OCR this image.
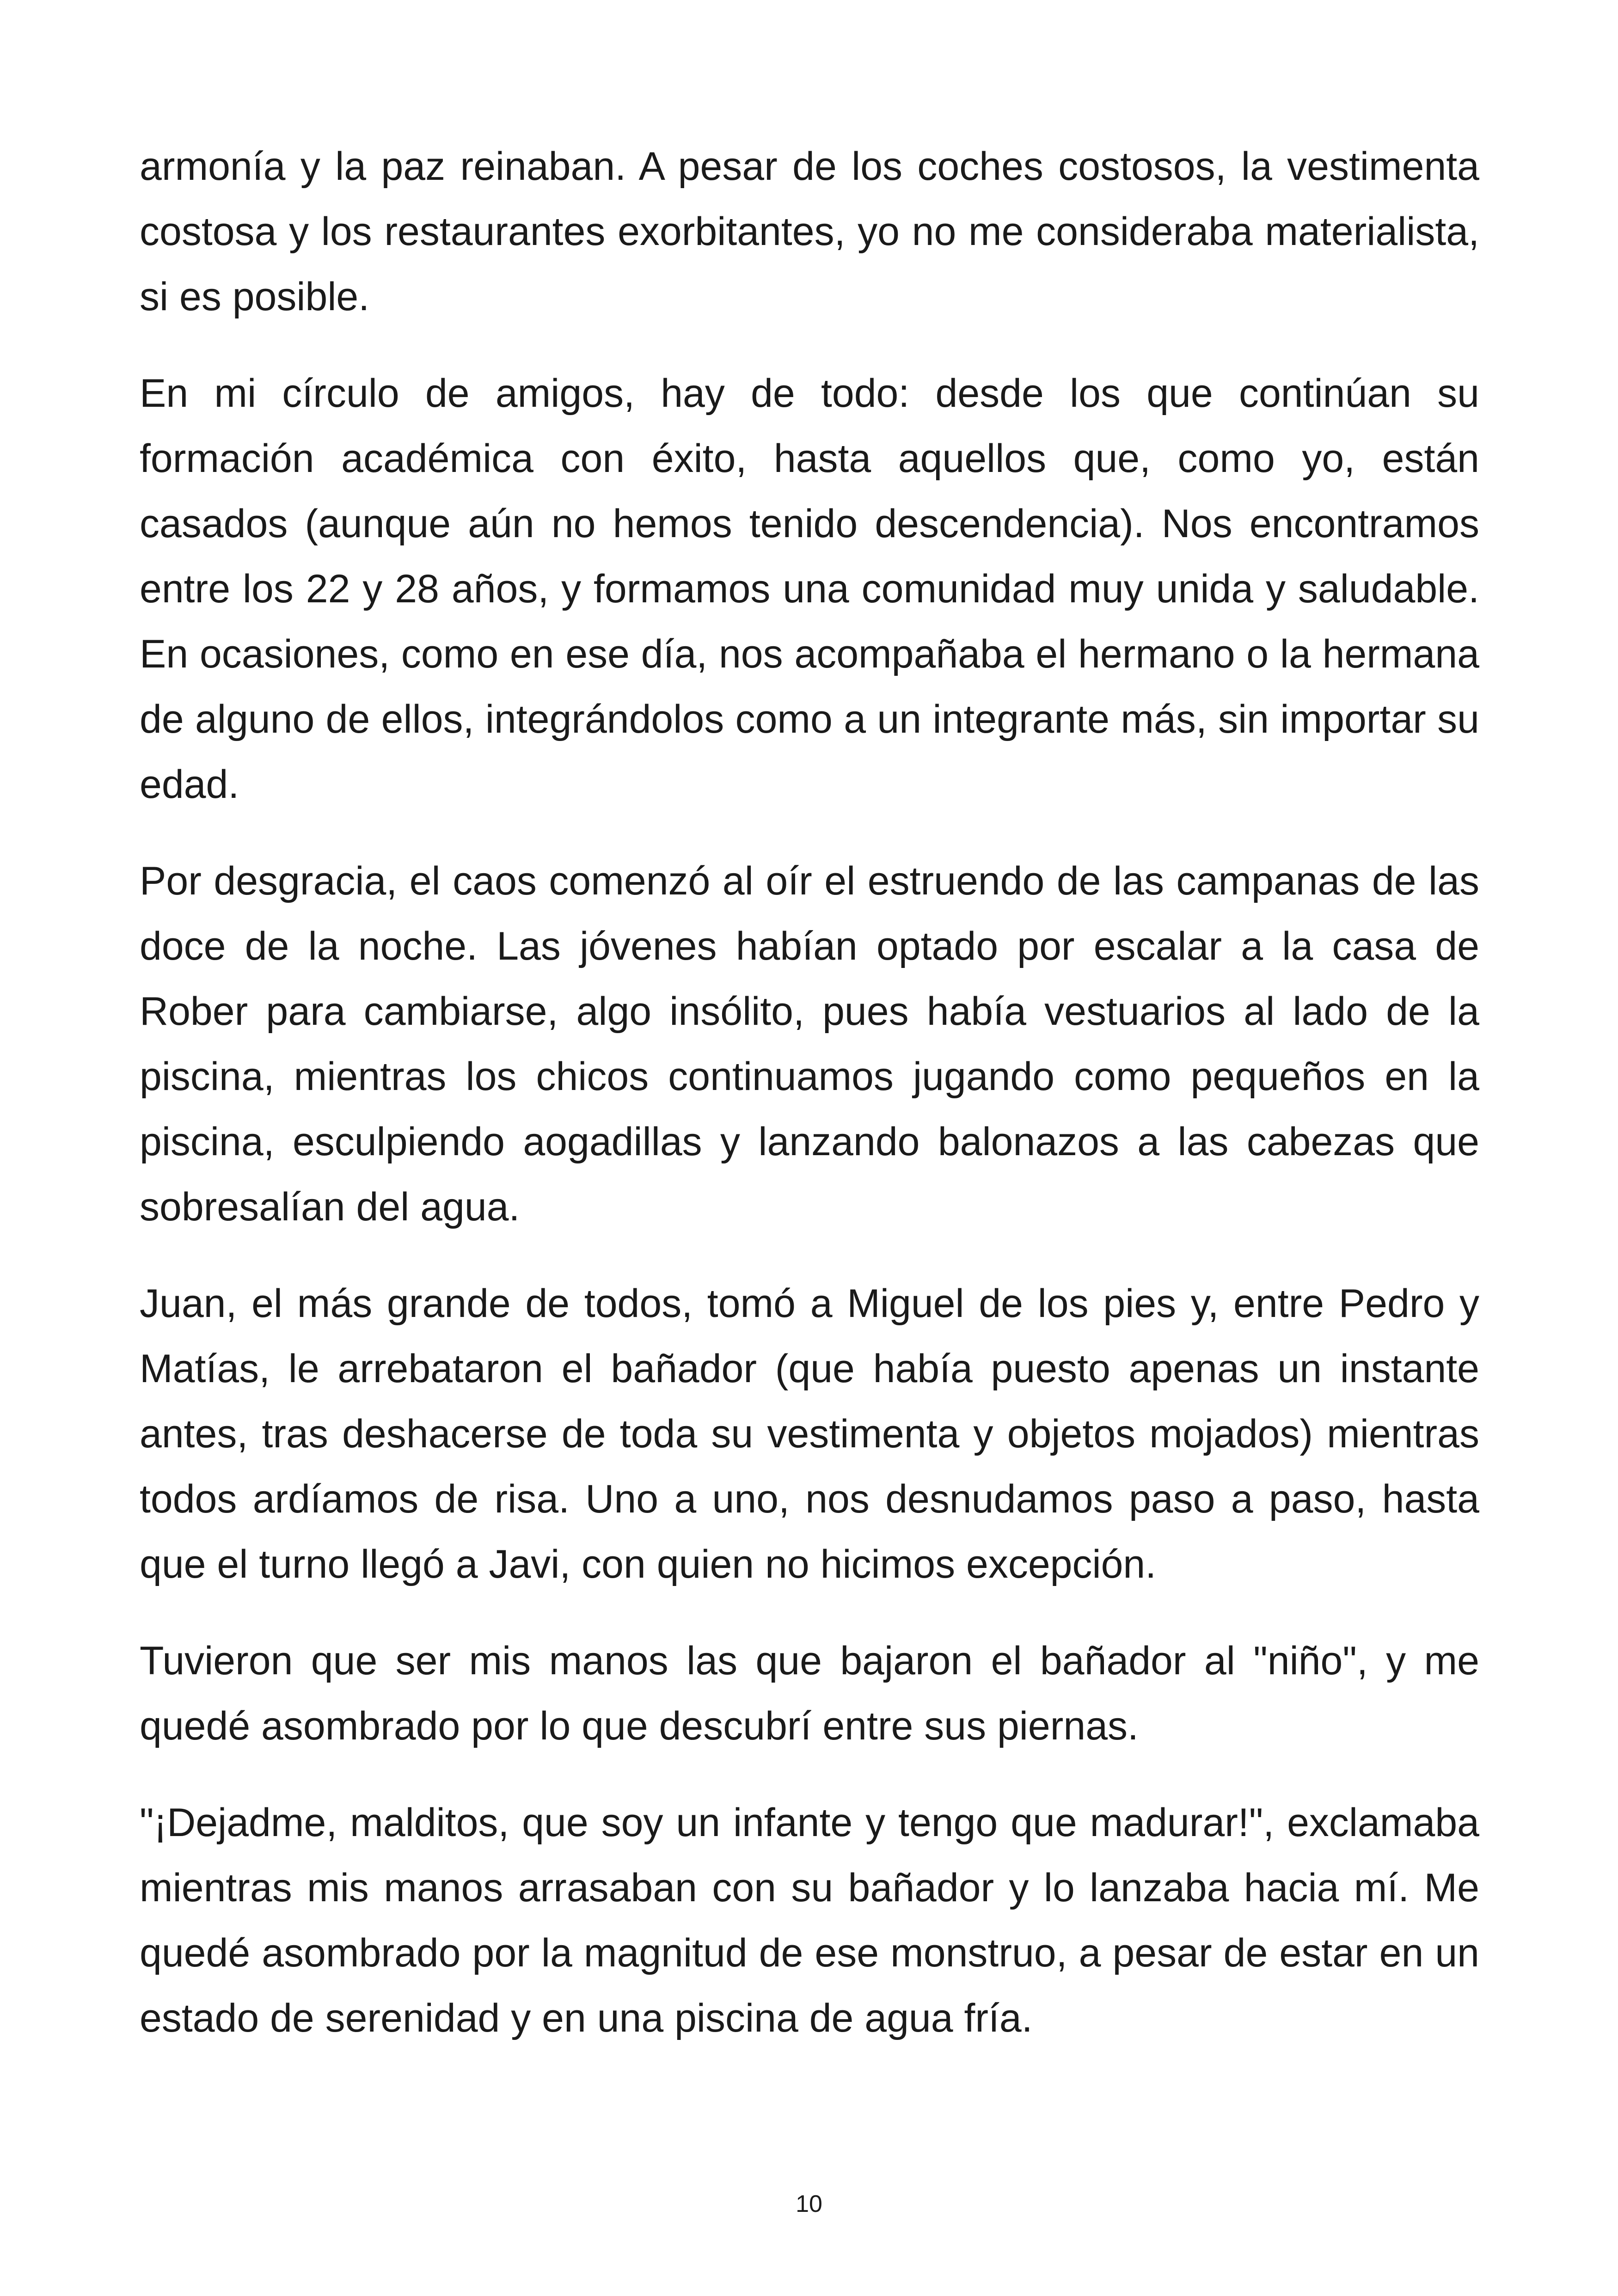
armonía y la paz reinaban. A pesar de los coches costosos, la vestimenta costosa y los restaurantes exorbitantes, yo no me consideraba materialista, si es posible.

En mi círculo de amigos, hay de todo: desde los que continúan su formación académica con éxito, hasta aquellos que, como yo, están casados (aunque aún no hemos tenido descendencia). Nos encontramos entre los 22 y 28 años, y formamos una comunidad muy unida y saludable. En ocasiones, como en ese día, nos acompañaba el hermano o la hermana de alguno de ellos, integrándolos como a un integrante más, sin importar su edad.

Por desgracia, el caos comenzó al oír el estruendo de las campanas de las doce de la noche. Las jóvenes habían optado por escalar a la casa de Rober para cambiarse, algo insólito, pues había vestuarios al lado de la piscina, mientras los chicos continuamos jugando como pequeños en la piscina, esculpiendo aogadillas y lanzando balonazos a las cabezas que sobresalían del agua.

Juan, el más grande de todos, tomó a Miguel de los pies y, entre Pedro y Matías, le arrebataron el bañador (que había puesto apenas un instante antes, tras deshacerse de toda su vestimenta y objetos mojados) mientras todos ardíamos de risa. Uno a uno, nos desnudamos paso a paso, hasta que el turno llegó a Javi, con quien no hicimos excepción.

Tuvieron que ser mis manos las que bajaron el bañador al "niño", y me quedé asombrado por lo que descubrí entre sus piernas.

"¡Dejadme, malditos, que soy un infante y tengo que madurar!", exclamaba mientras mis manos arrasaban con su bañador y lo lanzaba hacia mí. Me quedé asombrado por la magnitud de ese monstruo, a pesar de estar en un estado de serenidad y en una piscina de agua fría.

10
